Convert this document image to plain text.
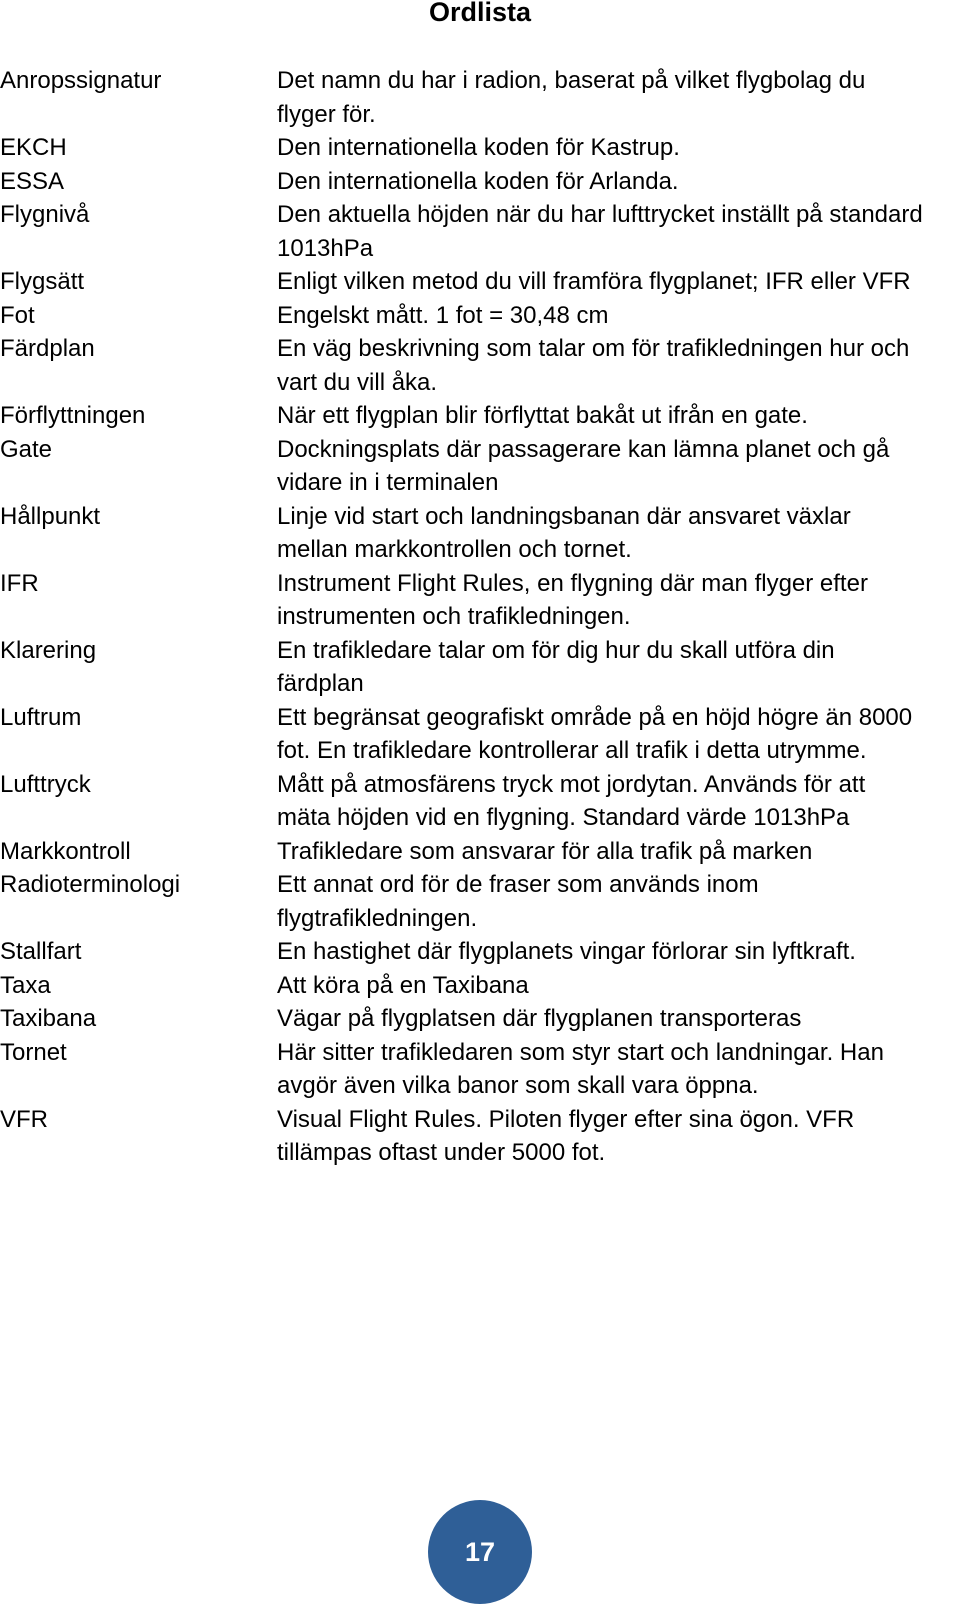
Ordlista
Anropssignatur	Det namn du har i radion, baserat på vilket flygbolag du
flyger för.
EKCH	Den internationella koden för Kastrup.
ESSA	Den internationella koden för Arlanda.
Flygnivå	Den aktuella höjden när du har lufttrycket inställt på standard
1013hPa
Flygsätt	Enligt vilken metod du vill framföra flygplanet; IFR eller VFR
Fot	Engelskt mått. 1 fot = 30,48 cm
Färdplan	En väg beskrivning som talar om för trafikledningen hur och
vart du vill åka.
Förflyttningen	När ett flygplan blir förflyttat bakåt ut ifrån en gate.
Gate	Dockningsplats där passagerare kan lämna planet och gå
vidare in i terminalen
Hållpunkt	Linje vid start och landningsbanan där ansvaret växlar
mellan markkontrollen och tornet.
IFR	Instrument Flight Rules, en flygning där man flyger efter
instrumenten och trafikledningen.
Klarering	En trafikledare talar om för dig hur du skall utföra din
färdplan
Luftrum	Ett begränsat geografiskt område på en höjd högre än 8000
fot. En trafikledare kontrollerar all trafik i detta utrymme.
Lufttryck	Mått på atmosfärens tryck mot jordytan. Används för att
mäta höjden vid en flygning. Standard värde 1013hPa
Markkontroll	Trafikledare som ansvarar för alla trafik på marken
Radioterminologi	Ett annat ord för de fraser som används inom
flygtrafikledningen.
Stallfart	En hastighet där flygplanets vingar förlorar sin lyftkraft.
Taxa	Att köra på en Taxibana
Taxibana	Vägar på flygplatsen där flygplanen transporteras
Tornet	Här sitter trafikledaren som styr start och landningar. Han
avgör även vilka banor som skall vara öppna.
VFR	Visual Flight Rules. Piloten flyger efter sina ögon. VFR
tillämpas oftast under 5000 fot.
17
